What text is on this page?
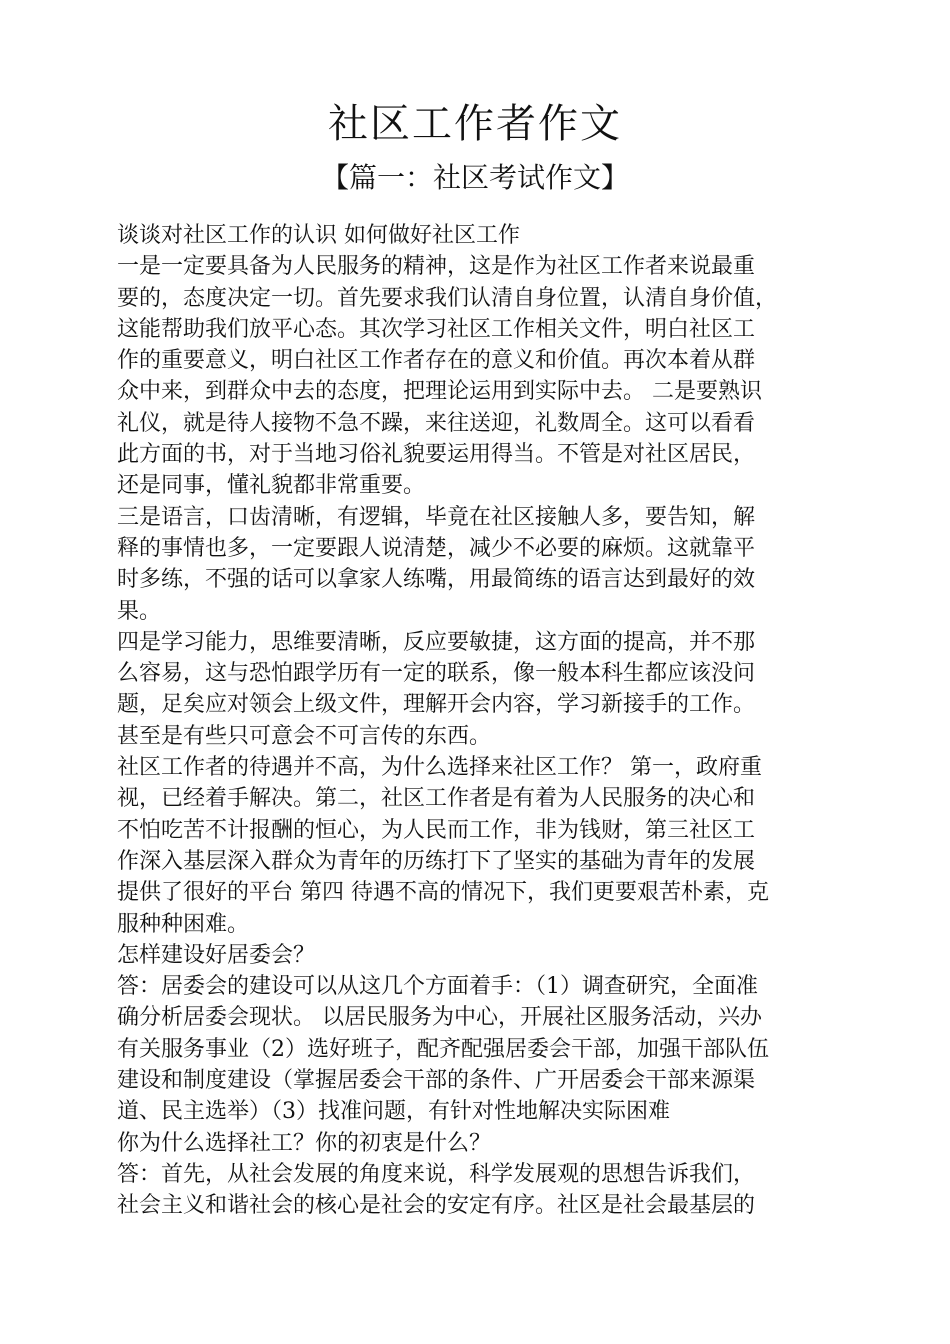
社区工作者作文
【篇一：社区考试作文】
谈谈对社区工作的认识 如何做好社区工作
一是一定要具备为人民服务的精神，这是作为社区工作者来说最重
要的，态度决定一切。首先要求我们认清自身位置，认清自身价值，
这能帮助我们放平心态。其次学习社区工作相关文件，明白社区工
作的重要意义，明白社区工作者存在的意义和价值。再次本着从群
众中来，到群众中去的态度，把理论运用到实际中去。 二是要熟识
礼仪，就是待人接物不急不躁，来往送迎，礼数周全。这可以看看
此方面的书，对于当地习俗礼貌要运用得当。不管是对社区居民，
还是同事，懂礼貌都非常重要。
三是语言，口齿清晰，有逻辑，毕竟在社区接触人多，要告知，解
释的事情也多，一定要跟人说清楚，减少不必要的麻烦。这就靠平
时多练，不强的话可以拿家人练嘴，用最简练的语言达到最好的效
果。
四是学习能力，思维要清晰，反应要敏捷，这方面的提高，并不那
么容易，这与恐怕跟学历有一定的联系，像一般本科生都应该没问
题，足矣应对领会上级文件，理解开会内容，学习新接手的工作。
甚至是有些只可意会不可言传的东西。
社区工作者的待遇并不高，为什么选择来社区工作？ 第一，政府重
视，已经着手解决。第二，社区工作者是有着为人民服务的决心和
不怕吃苦不计报酬的恒心，为人民而工作，非为钱财，第三社区工
作深入基层深入群众为青年的历练打下了坚实的基础为青年的发展
提供了很好的平台 第四 待遇不高的情况下，我们更要艰苦朴素，克
服种种困难。
怎样建设好居委会？
答：居委会的建设可以从这几个方面着手：（1）调查研究，全面准
确分析居委会现状。 以居民服务为中心，开展社区服务活动，兴办
有关服务事业（2）选好班子，配齐配强居委会干部，加强干部队伍
建设和制度建设（掌握居委会干部的条件、广开居委会干部来源渠
道、民主选举）（3）找准问题，有针对性地解决实际困难
你为什么选择社工？你的初衷是什么？
答：首先，从社会发展的角度来说，科学发展观的思想告诉我们，
社会主义和谐社会的核心是社会的安定有序。社区是社会最基层的
